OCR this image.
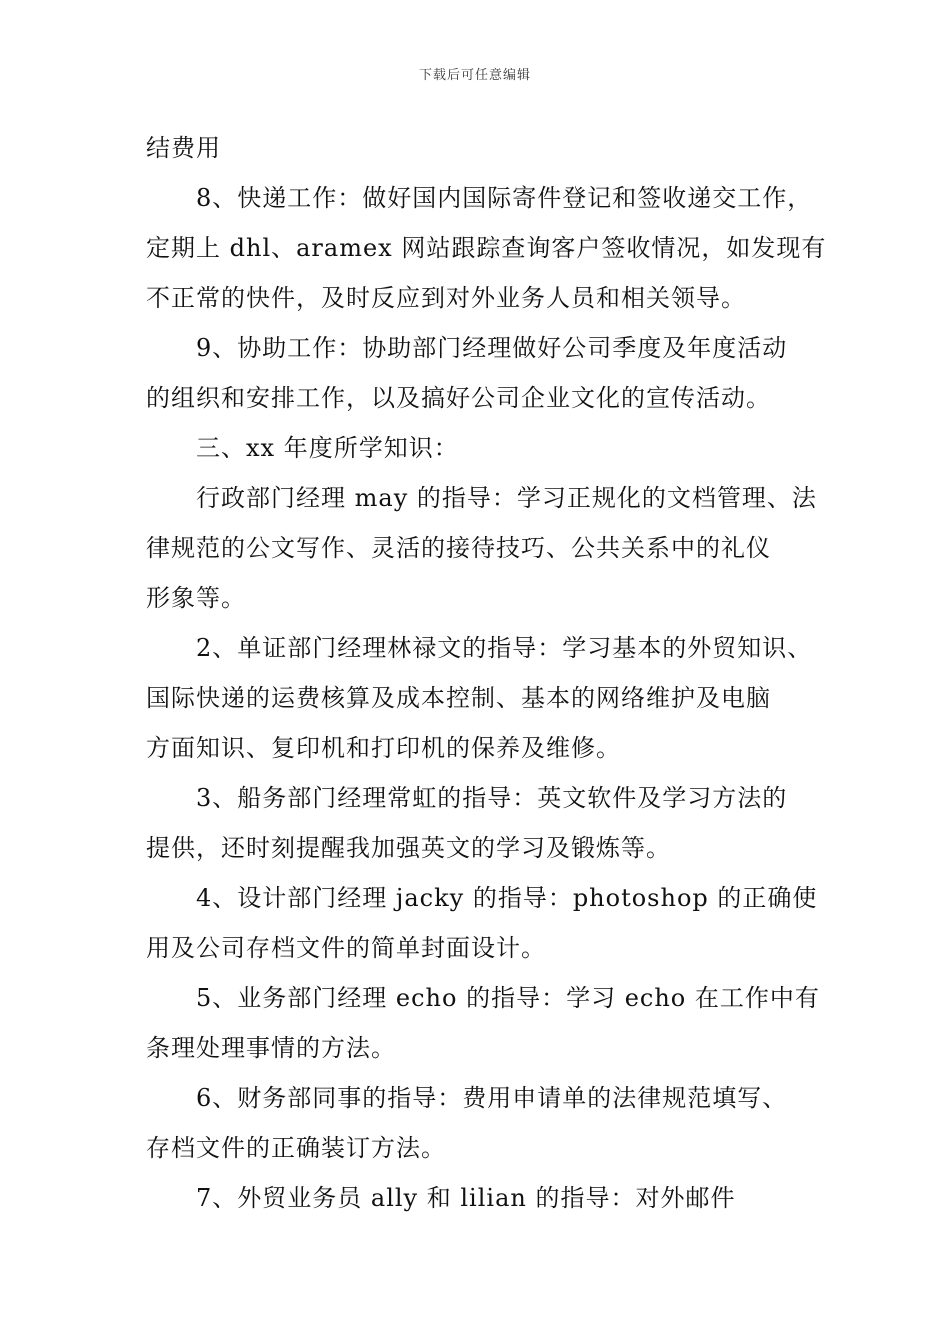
下载后可任意编辑
结费用
8、快递工作：做好国内国际寄件登记和签收递交工作，
定期上 dhl、aramex 网站跟踪查询客户签收情况，如发现有
不正常的快件，及时反应到对外业务人员和相关领导。
9、协助工作：协助部门经理做好公司季度及年度活动
的组织和安排工作，以及搞好公司企业文化的宣传活动。
三、xx 年度所学知识：
行政部门经理 may 的指导：学习正规化的文档管理、法
律规范的公文写作、灵活的接待技巧、公共关系中的礼仪
形象等。
2、单证部门经理林禄文的指导：学习基本的外贸知识、
国际快递的运费核算及成本控制、基本的网络维护及电脑
方面知识、复印机和打印机的保养及维修。
3、船务部门经理常虹的指导：英文软件及学习方法的
提供，还时刻提醒我加强英文的学习及锻炼等。
4、设计部门经理 jacky 的指导：photoshop 的正确使
用及公司存档文件的简单封面设计。
5、业务部门经理 echo 的指导：学习 echo 在工作中有
条理处理事情的方法。
6、财务部同事的指导：费用申请单的法律规范填写、
存档文件的正确装订方法。
7、外贸业务员 ally 和 lilian 的指导：对外邮件
